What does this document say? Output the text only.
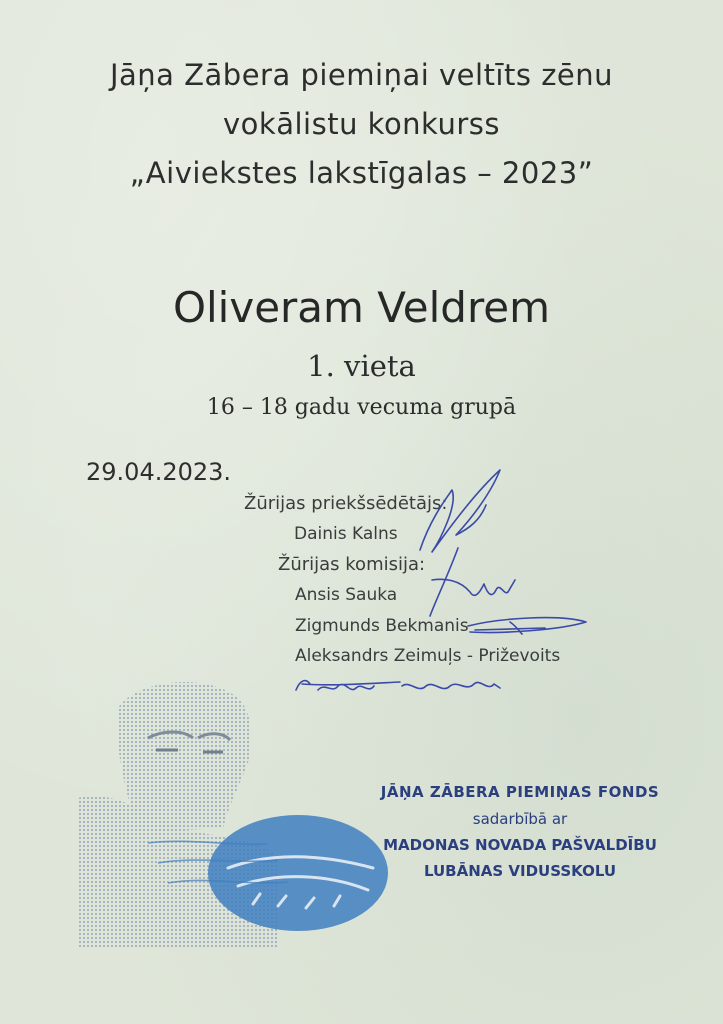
Jāņa Zābera piemiņai veltīts zēnu
vokālistu konkurss
„Aiviekstes lakstīgalas – 2023”
Oliveram Veldrem
1. vieta
16 – 18 gadu vecuma grupā
29.04.2023.
Žūrijas priekšsēdētājs:
Dainis Kalns
Žūrijas komisija:
Ansis Sauka
Zigmunds Bekmanis
Aleksandrs Zeimuļs - Priževoits
JĀŅA ZĀBERA PIEMIŅAS FONDS
sadarbībā ar
MADONAS NOVADA PAŠVALDĪBU
LUBĀNAS VIDUSSKOLU
